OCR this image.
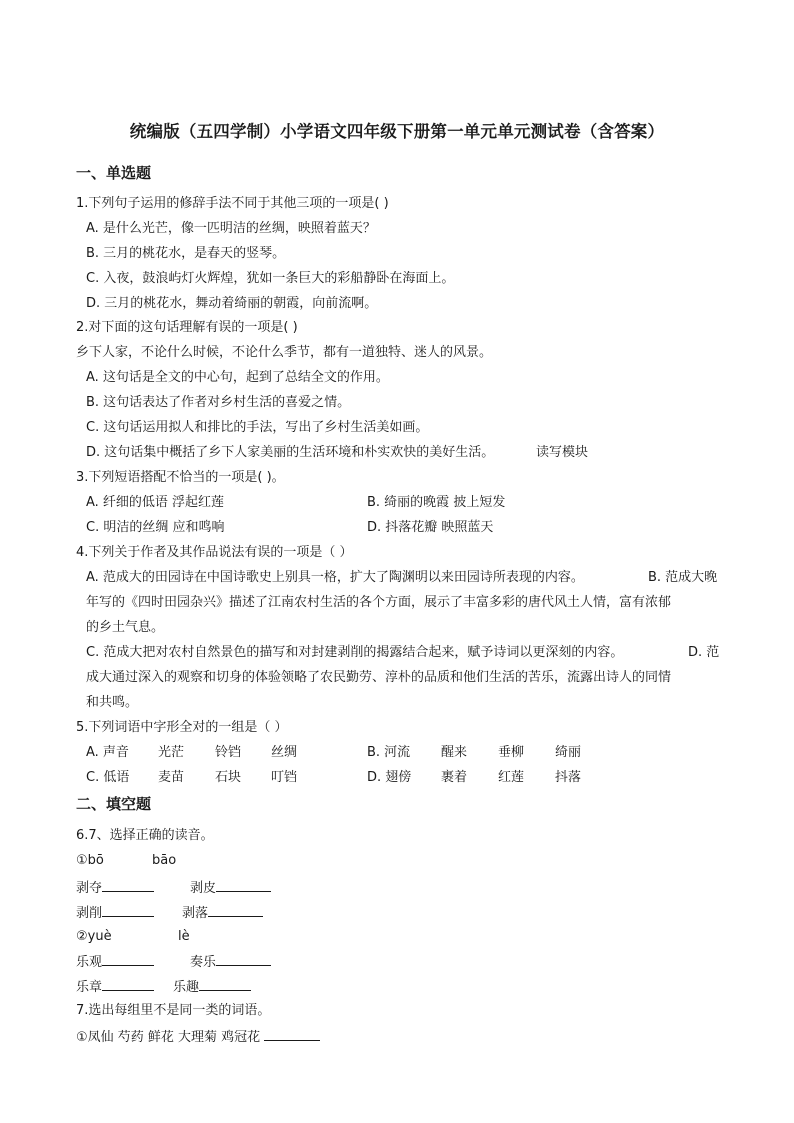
统编版（五四学制）小学语文四年级下册第一单元单元测试卷（含答案）
一、单选题
1.下列句子运用的修辞手法不同于其他三项的一项是( )
A. 是什么光芒，像一匹明洁的丝绸，映照着蓝天？
B. 三月的桃花水，是春天的竖琴。
C. 入夜，鼓浪屿灯火辉煌，犹如一条巨大的彩船静卧在海面上。
D. 三月的桃花水，舞动着绮丽的朝霞，向前流啊。
2.对下面的这句话理解有误的一项是( )
乡下人家，不论什么时候，不论什么季节，都有一道独特、迷人的风景。
A. 这句话是全文的中心句，起到了总结全文的作用。
B. 这句话表达了作者对乡村生活的喜爱之情。
C. 这句话运用拟人和排比的手法，写出了乡村生活美如画。
D. 这句话集中概括了乡下人家美丽的生活环境和朴实欢快的美好生活。	读写模块
3.下列短语搭配不恰当的一项是( )。
A. 纤细的低语 浮起红莲	B. 绮丽的晚霞 披上短发
C. 明洁的丝绸 应和鸣响	D. 抖落花瓣 映照蓝天
4.下列关于作者及其作品说法有误的一项是（ ）
A. 范成大的田园诗在中国诗歌史上别具一格，扩大了陶渊明以来田园诗所表现的内容。	B. 范成大晚
年写的《四时田园杂兴》描述了江南农村生活的各个方面，展示了丰富多彩的唐代风土人情，富有浓郁
的乡土气息。
C. 范成大把对农村自然景色的描写和对封建剥削的揭露结合起来，赋予诗词以更深刻的内容。	D. 范
成大通过深入的观察和切身的体验领略了农民勤劳、淳朴的品质和他们生活的苦乐，流露出诗人的同情
和共鸣。
5.下列词语中字形全对的一组是（ ）
A. 声音 光茫 铃铛 丝绸	B. 河流 醒来 垂柳 绮丽
C. 低语 麦苗 石块 叮铛	D. 翅傍 裹着 红莲 抖落
二、填空题
6.7、选择正确的读音。
①bō	bāo
剥夺	剥皮
剥削	剥落
②yuè	lè
乐观	奏乐
乐章	乐趣
7.选出每组里不是同一类的词语。
①凤仙 芍药 鲜花 大理菊 鸡冠花
